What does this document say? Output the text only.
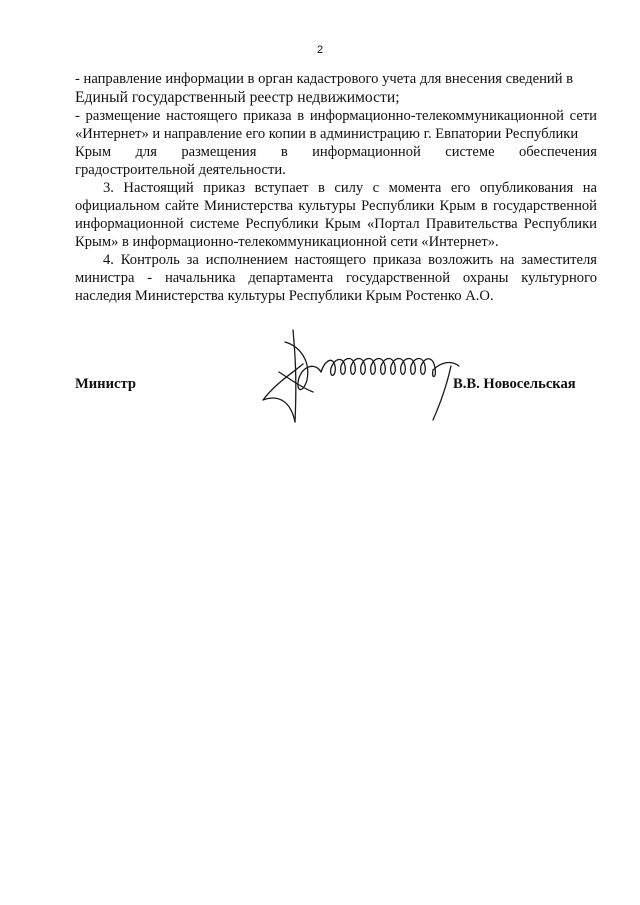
2

- направление информации в орган кадастрового учета для внесения сведений в
Единый государственный реестр недвижимости;

- размещение настоящего приказа в информационно-телекоммуникационной сети «Интернет» и направление его копии в администрацию г. Евпатории Республики

Крым для размещения в информационной системе обеспечения

градостроительной деятельности.

3. Настоящий приказ вступает в силу с момента его опубликования на официальном сайте Министерства культуры Республики Крым в государственной информационной системе Республики Крым «Портал Правительства Республики Крым» в информационно-телекоммуникационной сети «Интернет».

4. Контроль за исполнением настоящего приказа возложить на заместителя министра - начальника департамента государственной охраны культурного наследия Министерства культуры Республики Крым Ростенко А.О.

Министр	В.В. Новосельская
